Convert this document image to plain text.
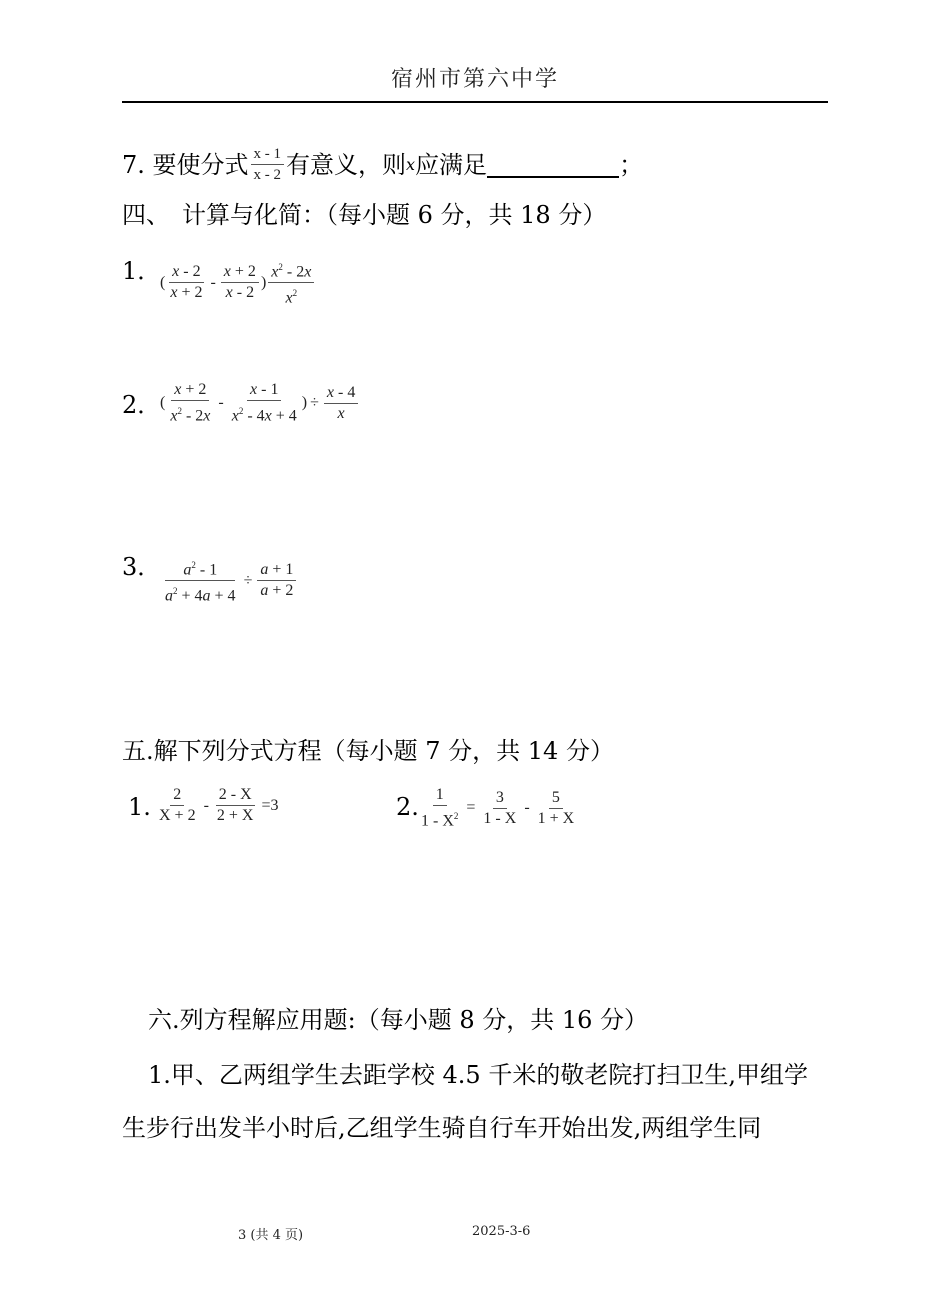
宿州市第六中学
7. 要使分式 $\frac{x - 1}{x - 2}$ 有意义，则 x 应满足	；
四、　计算与化简：（每小题 6 分，共 18 分）
1．
( $\frac{x - 2}{x + 2} - \frac{x + 2}{x - 2}$ ) $\frac{x^2 - 2x}{x^2}$
2．
( $\frac{x + 2}{x^2 - 2x} - \frac{x - 1}{x^2 - 4x + 4}$ ) ÷ $\frac{x - 4}{x}$
3． $\frac{a^2 - 1}{a^2 + 4a + 4} \div \frac{a + 1}{a + 2}$
五.解下列分式方程（每小题 7 分，共 14 分）
1. $\frac{2}{X + 2} - \frac{2 - X}{2 + X} =3$	2. $\frac{1}{1 - X^2} = \frac{3}{1 - X} - \frac{5}{1 + X}$
六.列方程解应用题:（每小题 8 分，共 16 分）
1.甲、乙两组学生去距学校 4.5 千米的敬老院打扫卫生,甲组学
生步行出发半小时后,乙组学生骑自行车开始出发,两组学生同
3 (共 4 页)	2025-3-6
